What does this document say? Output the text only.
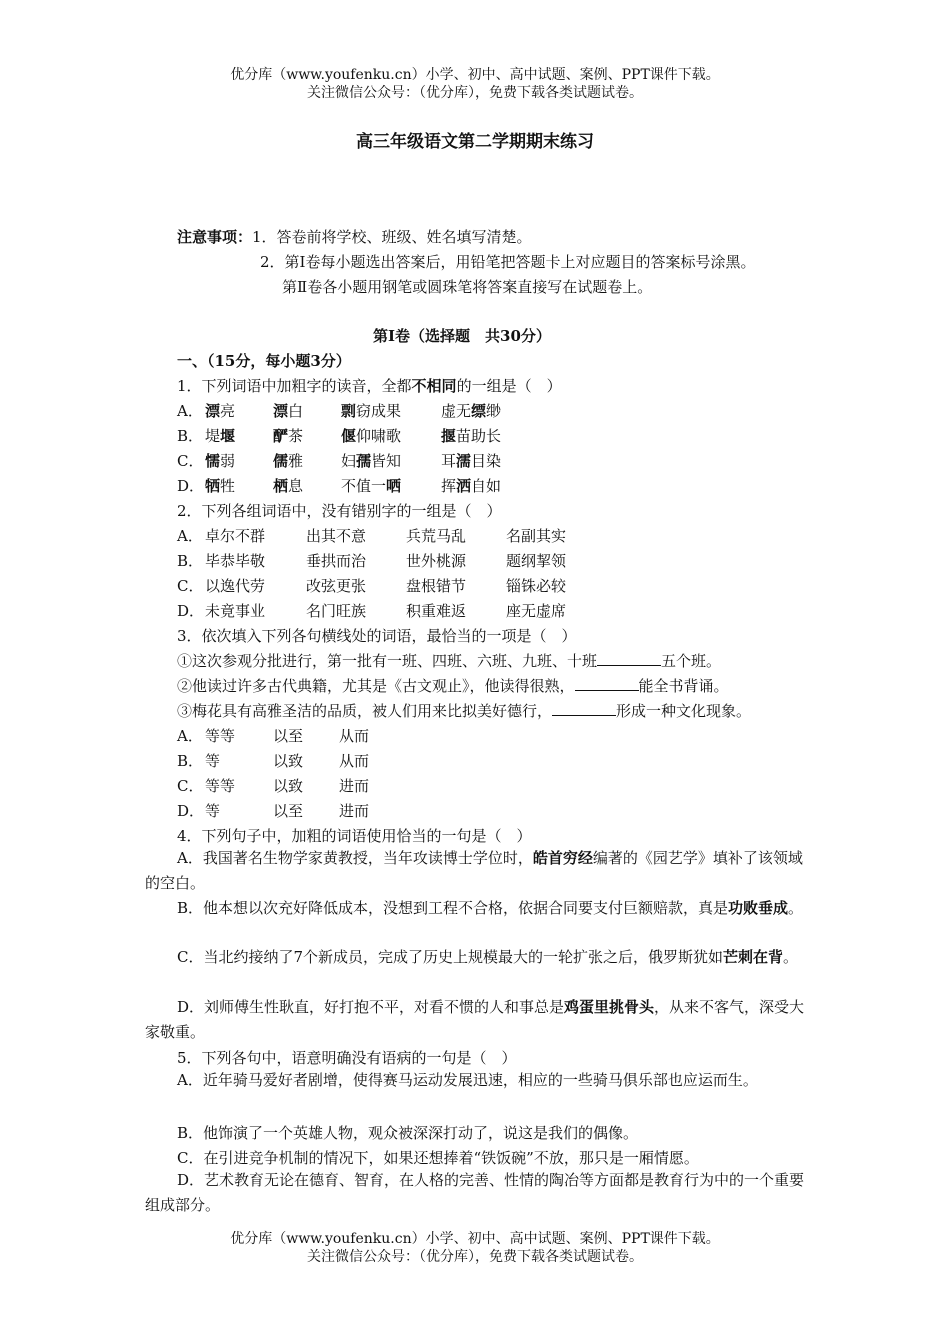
优分库（www.youfenku.cn）小学、初中、高中试题、案例、PPT课件下载。
关注微信公众号：（优分库），免费下载各类试题试卷。
高三年级语文第二学期期末练习
注意事项：1．答卷前将学校、班级、姓名填写清楚。
2．第Ⅰ卷每小题选出答案后，用铅笔把答题卡上对应题目的答案标号涂黑。
第Ⅱ卷各小题用钢笔或圆珠笔将答案直接写在试题卷上。
第Ⅰ卷（选择题　共30分）
一、（15分，每小题3分）
1．下列词语中加粗字的读音，全都不相同的一组是（　）
A． 漂亮	漂白	剽窃成果	虚无缥缈
B． 堤堰	酽茶	偃仰啸歌	揠苗助长
C． 懦弱	儒雅	妇孺皆知	耳濡目染
D．牺牲	栖息	不值一哂	挥洒自如
2．下列各组词语中，没有错别字的一组是（　）
A． 卓尔不群	出其不意	兵荒马乱	名副其实
B． 毕恭毕敬	垂拱而治	世外桃源	题纲挈领
C． 以逸代劳	改弦更张	盘根错节	锱铢必较
D．未竟事业	名门旺族	积重难返	座无虚席
3．依次填入下列各句横线处的词语，最恰当的一项是（　）
①这次参观分批进行，第一批有一班、四班、六班、九班、十班	五个班。
②他读过许多古代典籍，尤其是《古文观止》，他读得很熟，	能全书背诵。
③梅花具有高雅圣洁的品质，被人们用来比拟美好德行，	形成一种文化现象。
A． 等等	以至 从而
B． 等	以致 从而
C． 等等	以致 进而
D．等	以至 进而
4．下列句子中，加粗的词语使用恰当的一句是（　）
A．我国著名生物学家黄教授，当年攻读博士学位时，皓首穷经编著的《园艺学》填补了该领域的空白。
B．他本想以次充好降低成本，没想到工程不合格，依据合同要支付巨额赔款，真是功败垂成。
C．当北约接纳了7个新成员，完成了历史上规模最大的一轮扩张之后，俄罗斯犹如芒刺在背。
D．刘师傅生性耿直，好打抱不平，对看不惯的人和事总是鸡蛋里挑骨头，从来不客气，深受大家敬重。
5．下列各句中，语意明确没有语病的一句是（　）
A．近年骑马爱好者剧增，使得赛马运动发展迅速，相应的一些骑马俱乐部也应运而生。
B．他饰演了一个英雄人物，观众被深深打动了，说这是我们的偶像。
C．在引进竞争机制的情况下，如果还想捧着“铁饭碗”不放，那只是一厢情愿。
D．艺术教育无论在德育、智育，在人格的完善、性情的陶冶等方面都是教育行为中的一个重要组成部分。
优分库（www.youfenku.cn）小学、初中、高中试题、案例、PPT课件下载。
关注微信公众号：（优分库），免费下载各类试题试卷。
